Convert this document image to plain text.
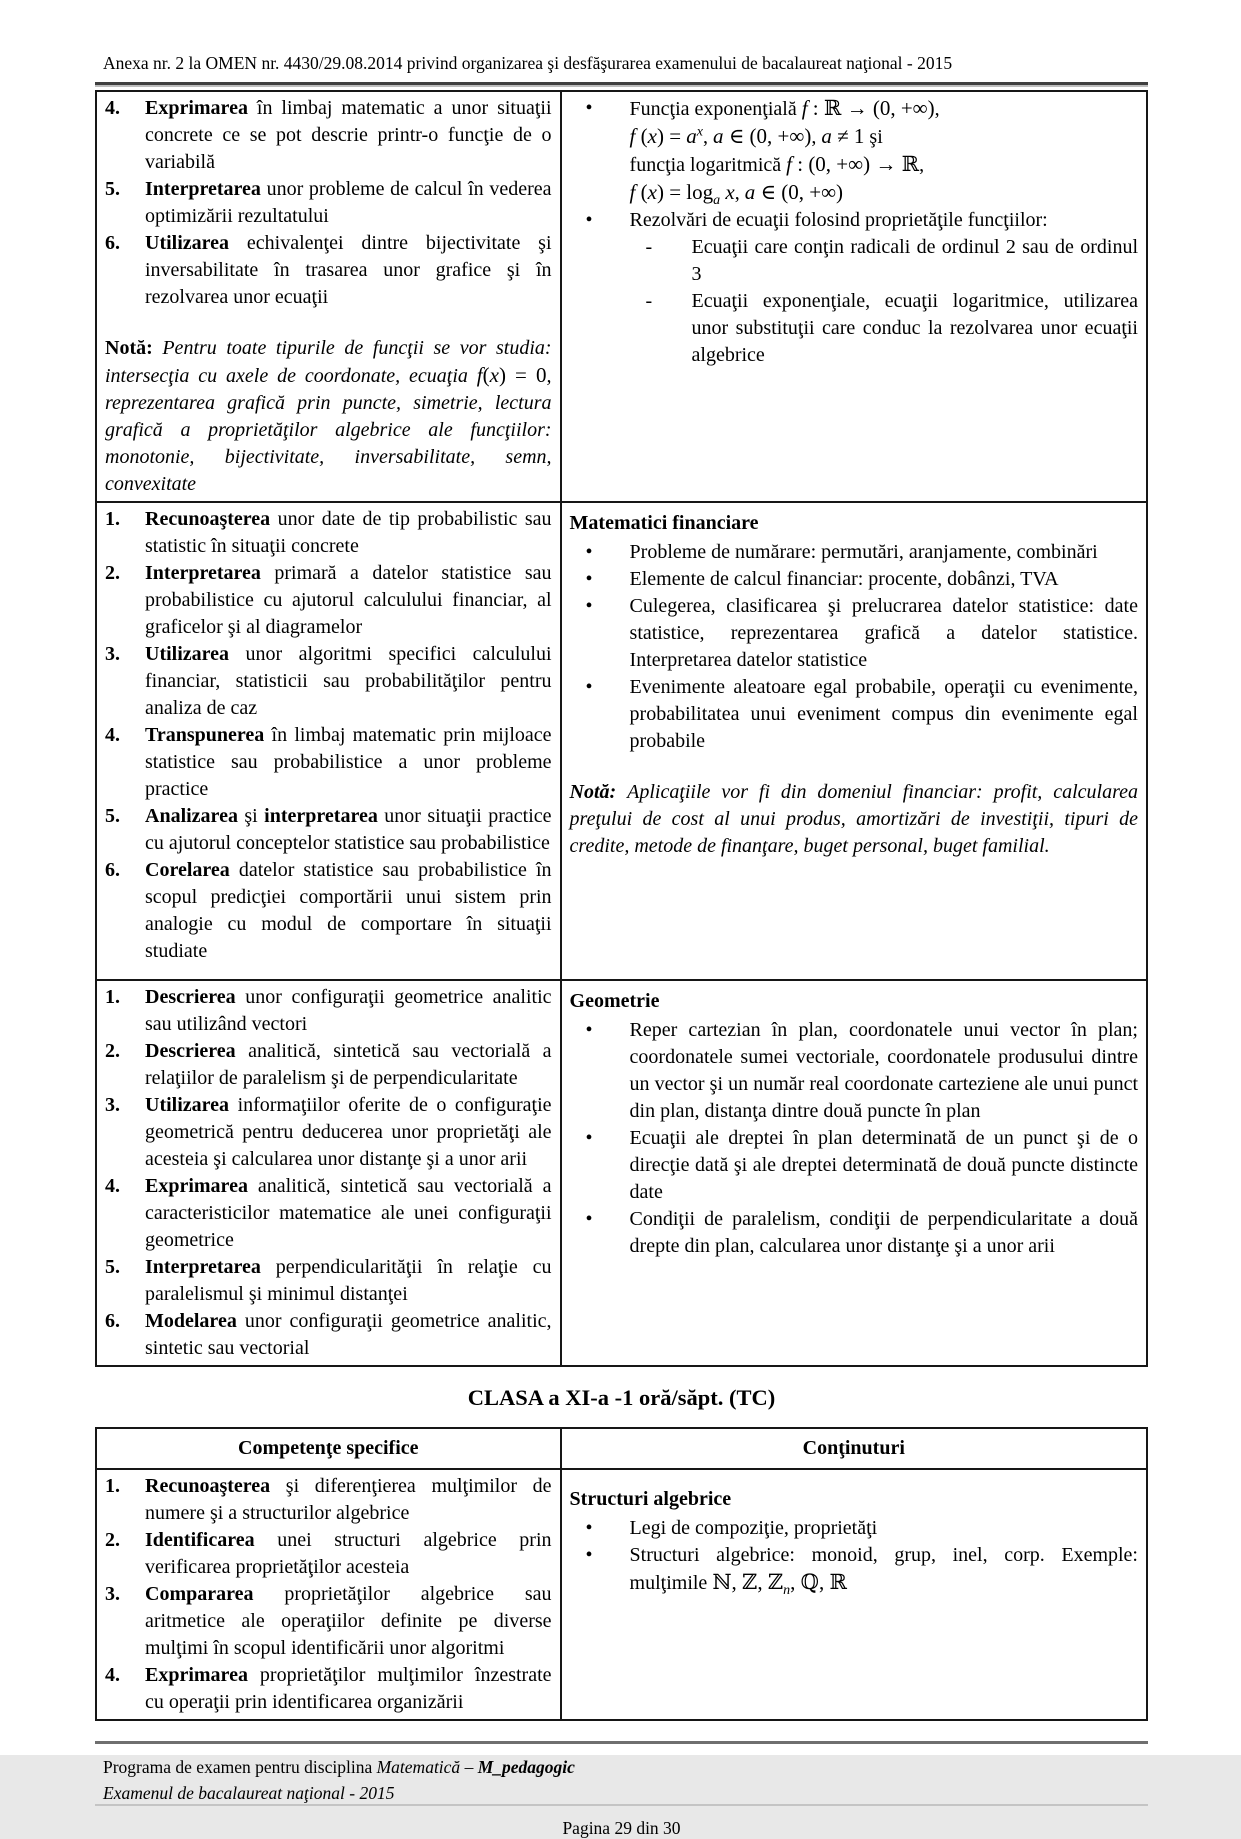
Anexa nr. 2 la OMEN nr. 4430/29.08.2014 privind organizarea şi desfăşurarea examenului de bacalaureat naţional - 2015
4.	Exprimarea în limbaj matematic a unor situaţii concrete ce se pot descrie printr-o funcţie de o variabilă
5.	Interpretarea unor probleme de calcul în vederea optimizării rezultatului
6.	Utilizarea echivalenţei dintre bijectivitate şi inversabilitate în trasarea unor grafice şi în rezolvarea unor ecuaţii
Notă: Pentru toate tipurile de funcţii se vor studia: intersecţia cu axele de coordonate, ecuaţia f(x) = 0, reprezentarea grafică prin puncte, simetrie, lectura grafică a proprietăţilor algebrice ale funcţiilor: monotonie, bijectivitate, inversabilitate, semn, convexitate

•	Funcţia exponenţială f : ℝ → (0, +∞),
f $(x) = a^x$, a ∈ (0, +∞), a ≠ 1 şi
funcţia logaritmică f : (0, +∞) → ℝ,
f $(x) = \log_a x$, a ∈ (0, +∞)
•	Rezolvări de ecuaţii folosind proprietăţile funcţiilor:
-	Ecuaţii care conţin radicali de ordinul 2 sau de ordinul 3
-	Ecuaţii exponenţiale, ecuaţii logaritmice, utilizarea unor substituţii care conduc la rezolvarea unor ecuaţii algebrice

1.	Recunoaşterea unor date de tip probabilistic sau statistic în situaţii concrete
2.	Interpretarea primară a datelor statistice sau probabilistice cu ajutorul calculului financiar, al graficelor şi al diagramelor
3.	Utilizarea unor algoritmi specifici calculului financiar, statisticii sau probabilităţilor pentru analiza de caz
4.	Transpunerea în limbaj matematic prin mijloace statistice sau probabilistice a unor probleme practice
5.	Analizarea şi interpretarea unor situaţii practice cu ajutorul conceptelor statistice sau probabilistice
6.	Corelarea datelor statistice sau probabilistice în scopul predicţiei comportării unui sistem prin analogie cu modul de comportare în situaţii studiate

Matematici financiare
•	Probleme de numărare: permutări, aranjamente, combinări
•	Elemente de calcul financiar: procente, dobânzi, TVA
•	Culegerea, clasificarea şi prelucrarea datelor statistice: date statistice, reprezentarea grafică a datelor statistice. Interpretarea datelor statistice
•	Evenimente aleatoare egal probabile, operaţii cu evenimente, probabilitatea unui eveniment compus din evenimente egal probabile
Notă: Aplicaţiile vor fi din domeniul financiar: profit, calcularea preţului de cost al unui produs, amortizări de investiţii, tipuri de credite, metode de finanţare, buget personal, buget familial.

1.	Descrierea unor configuraţii geometrice analitic sau utilizând vectori
2.	Descrierea analitică, sintetică sau vectorială a relaţiilor de paralelism şi de perpendicularitate
3.	Utilizarea informaţiilor oferite de o configuraţie geometrică pentru deducerea unor proprietăţi ale acesteia şi calcularea unor distanţe şi a unor arii
4.	Exprimarea analitică, sintetică sau vectorială a caracteristicilor matematice ale unei configuraţii geometrice
5.	Interpretarea perpendicularităţii în relaţie cu paralelismul şi minimul distanţei
6.	Modelarea unor configuraţii geometrice analitic, sintetic sau vectorial

Geometrie
•	Reper cartezian în plan, coordonatele unui vector în plan; coordonatele sumei vectoriale, coordonatele produsului dintre un vector şi un număr real coordonate carteziene ale unui punct din plan, distanţa dintre două puncte în plan
•	Ecuaţii ale dreptei în plan determinată de un punct şi de o direcţie dată şi ale dreptei determinată de două puncte distincte date
•	Condiţii de paralelism, condiţii de perpendicularitate a două drepte din plan, calcularea unor distanţe şi a unor arii
CLASA a XI-a -1 oră/săpt. (TC)
Competenţe specifice	Conţinuturi

1.	Recunoaşterea şi diferenţierea mulţimilor de numere şi a structurilor algebrice
2.	Identificarea unei structuri algebrice prin verificarea proprietăţilor acesteia
3.	Compararea proprietăţilor algebrice sau aritmetice ale operaţiilor definite pe diverse mulţimi în scopul identificării unor algoritmi
4.	Exprimarea proprietăţilor mulţimilor înzestrate cu operaţii prin identificarea organizării

Structuri algebrice
•	Legi de compoziţie, proprietăţi
•	Structuri algebrice: monoid, grup, inel, corp. Exemple: mulţimile ℕ, ℤ, ℤ$_n$, ℚ, ℝ
Programa de examen pentru disciplina Matematică – M_pedagogic
Examenul de bacalaureat naţional - 2015
Pagina 29 din 30
